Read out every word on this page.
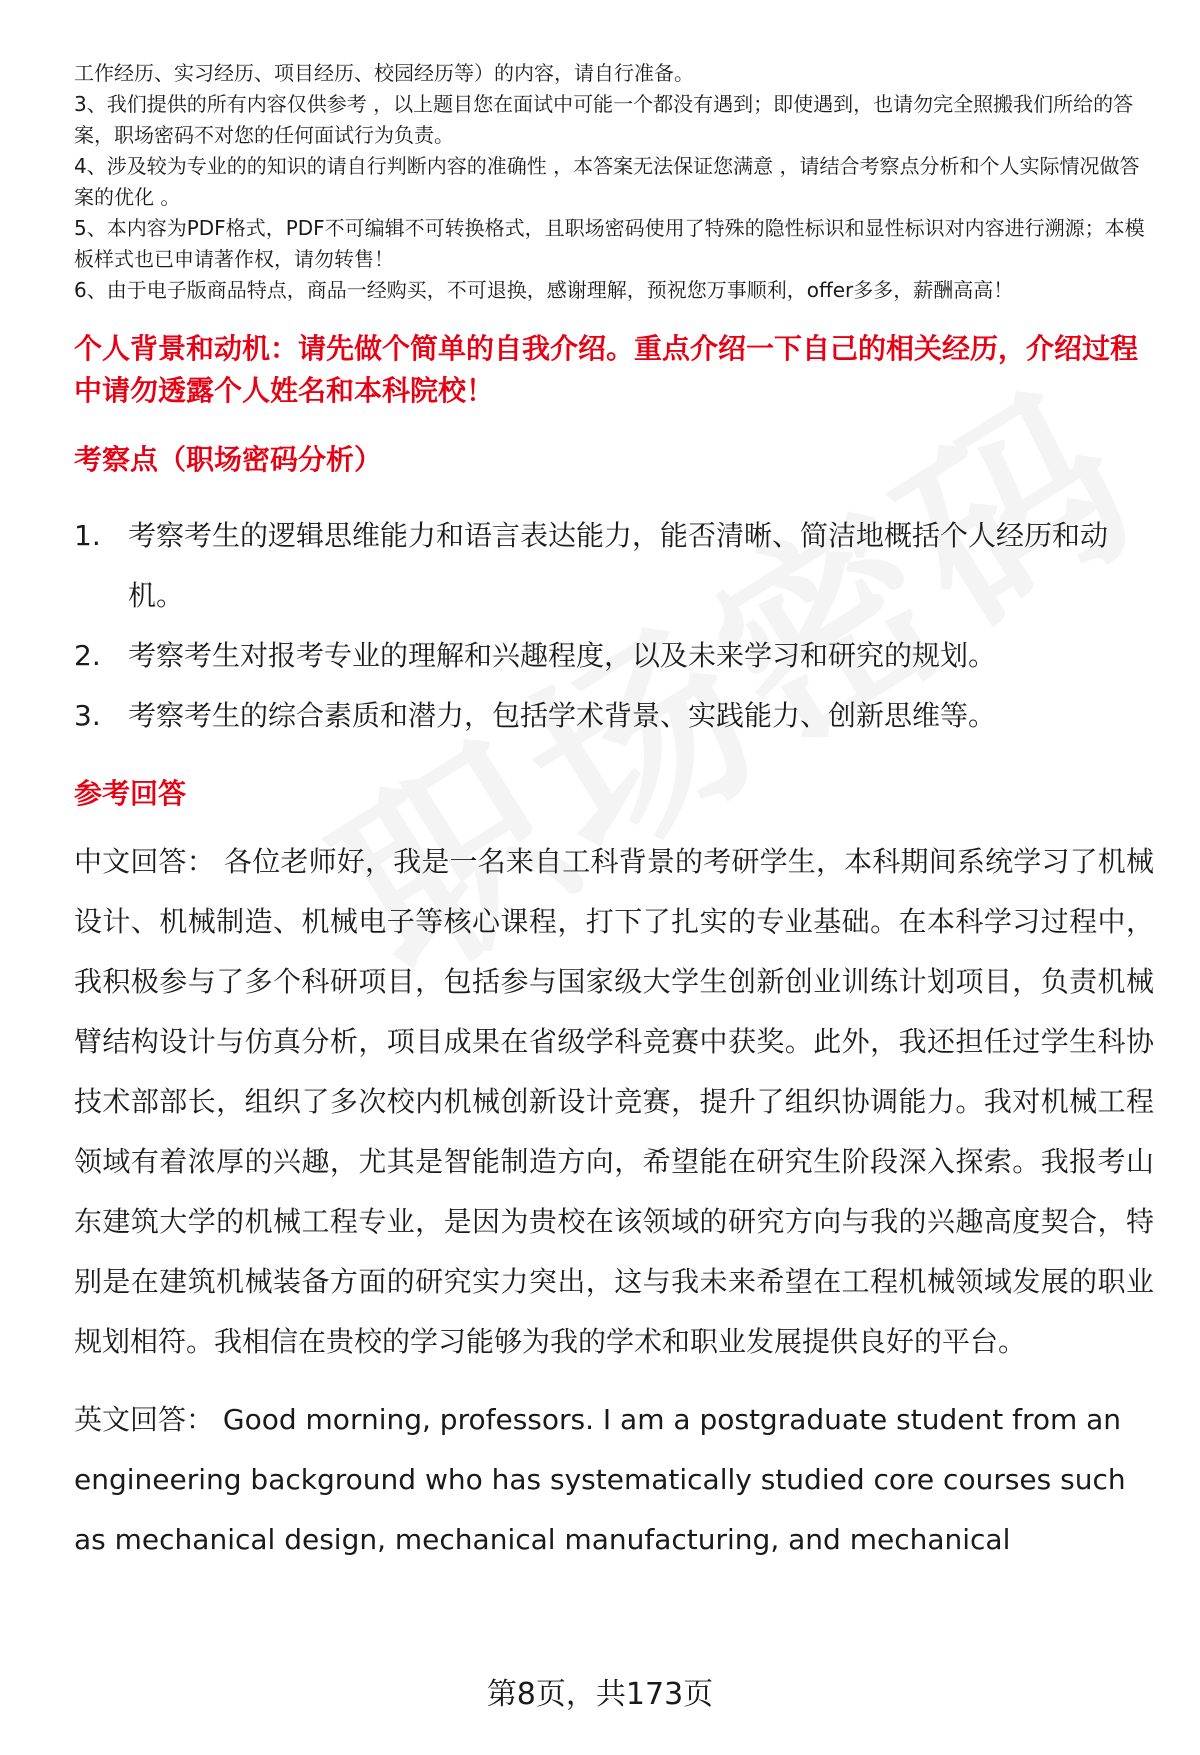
工作经历、实习经历、项目经历、校园经历等）的内容，请自行准备。

3、我们提供的所有内容仅供参考 ，以上题目您在面试中可能一个都没有遇到；即使遇到，也请勿完全照搬我们所给的答案，职场密码不对您的任何面试行为负责。

4、涉及较为专业的的知识的请自行判断内容的准确性 ，本答案无法保证您满意 ，请结合考察点分析和个人实际情况做答案的优化 。

5、本内容为PDF格式，PDF不可编辑不可转换格式，且职场密码使用了特殊的隐性标识和显性标识对内容进行溯源；本模板样式也已申请著作权，请勿转售！

6、由于电子版商品特点，商品一经购买，不可退换，感谢理解，预祝您万事顺利，offer多多，薪酬高高！

个人背景和动机：请先做个简单的自我介绍。重点介绍一下自己的相关经历，介绍过程中请勿透露个人姓名和本科院校！
考察点（职场密码分析）
1. 考察考生的逻辑思维能力和语言表达能力，能否清晰、简洁地概括个人经历和动机。
2. 考察考生对报考专业的理解和兴趣程度，以及未来学习和研究的规划。
3. 考察考生的综合素质和潜力，包括学术背景、实践能力、创新思维等。
参考回答

中文回答： 各位老师好，我是一名来自工科背景的考研学生，本科期间系统学习了机械设计、机械制造、机械电子等核心课程，打下了扎实的专业基础。在本科学习过程中，我积极参与了多个科研项目，包括参与国家级大学生创新创业训练计划项目，负责机械臂结构设计与仿真分析，项目成果在省级学科竞赛中获奖。此外，我还担任过学生科协技术部部长，组织了多次校内机械创新设计竞赛，提升了组织协调能力。我对机械工程领域有着浓厚的兴趣，尤其是智能制造方向，希望能在研究生阶段深入探索。我报考山东建筑大学的机械工程专业，是因为贵校在该领域的研究方向与我的兴趣高度契合，特别是在建筑机械装备方面的研究实力突出，这与我未来希望在工程机械领域发展的职业规划相符。我相信在贵校的学习能够为我的学术和职业发展提供良好的平台。

英文回答： Good morning, professors. I am a postgraduate student from an engineering background who has systematically studied core courses such as mechanical design, mechanical manufacturing, and mechanical

第8页，共173页
